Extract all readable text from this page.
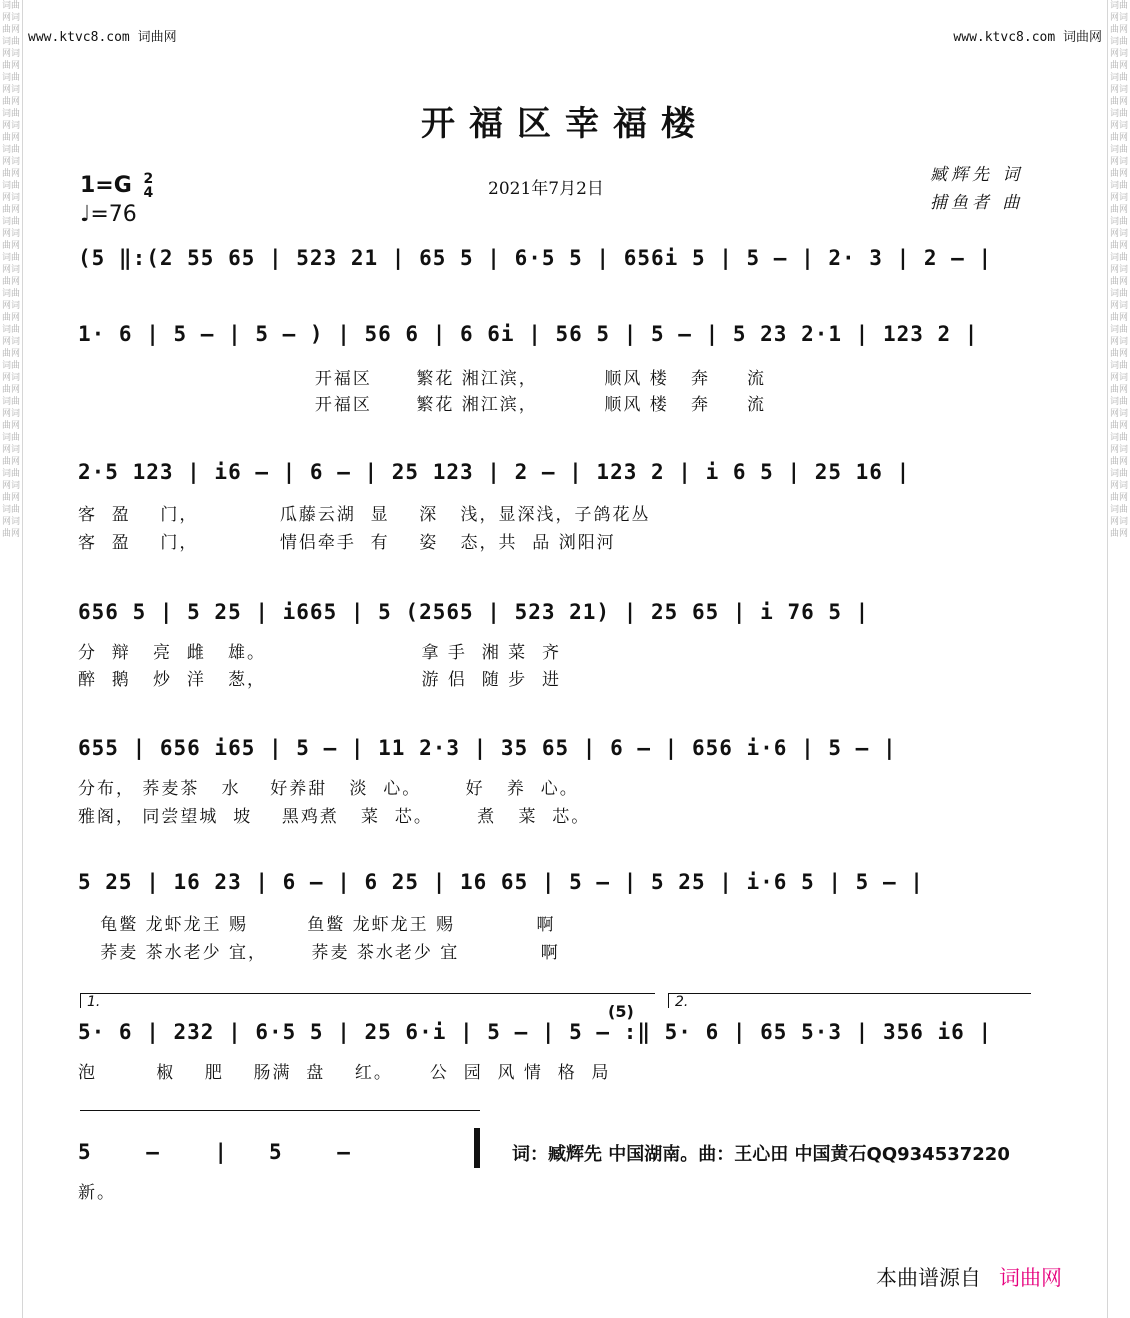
词曲网词曲网词曲网词曲网词曲网词曲网词曲网词曲网词曲网词曲网词曲网词曲网词曲网词曲网词曲网词曲网词曲网词曲网词曲网词曲网词曲网词曲网词曲网词曲网词曲网词曲网词曲网词曲网词曲网词曲网
词曲网词曲网词曲网词曲网词曲网词曲网词曲网词曲网词曲网词曲网词曲网词曲网词曲网词曲网词曲网词曲网词曲网词曲网词曲网词曲网词曲网词曲网词曲网词曲网词曲网词曲网词曲网词曲网词曲网词曲网
www.ktvc8.com 词曲网	www.ktvc8.com 词曲网
开福区幸福楼
1=G 2
4
♩=76
2021年7月2日
臧辉先 词
捕鱼者 曲
(5 ‖:(2 55 65 | 523 21 | 65 5 | 6·5 5 | 656i 5 | 5 – | 2· 3 | 2 – |
1· 6 | 5 – | 5 – ) | 56 6 | 6 6i | 56 5 | 5 – | 5 23 2·1 | 123 2 |
开福区      繁花 湘江滨，         顺风 楼   奔     流
开福区      繁花 湘江滨，         顺风 楼   奔     流
2·5 123 | i6 – | 6 – | 25 123 | 2 – | 123 2 | i 6 5 | 25 16 |
客  盈    门，           瓜藤云湖  显    深   浅，显深浅，子鸽花丛
客  盈    门，           情侣牵手  有    姿   态，共  品 浏阳河
656 5 | 5 25 | i665 | 5 (2565 | 523 21) | 25 65 | i 76 5 |
分  辩   亮  雌   雄。                     拿 手  湘 菜  齐
醉  鹅   炒  洋   葱，                     游 侣  随 步  进
655 | 656 i65 | 5 – | 11 2·3 | 35 65 | 6 – | 656 i·6 | 5 – |
分布， 荞麦茶   水    好养甜   淡  心。      好   养  心。
雅阁， 同尝望城  坡    黑鸡煮   菜  芯。      煮   菜  芯。
5 25 | 16 23 | 6 – | 6 25 | 16 65 | 5 – | 5 25 | i·6 5 | 5 – |
龟鳖 龙虾龙王 赐        鱼鳖 龙虾龙王 赐           啊
荞麦 茶水老少 宜，      荞麦 茶水老少 宜           啊
1.	2.
(5)
5· 6 | 232 | 6·5 5 | 25 6·i | 5 – | 5 – :‖ 5· 6 | 65 5·3 | 356 i6 |
泡        椒    肥    肠满  盘    红。     公  园  风 情  格  局
5    –    |   5    –
新。
词：臧辉先 中国湖南。曲：王心田 中国黄石QQ934537220
本曲谱源自 词曲网
